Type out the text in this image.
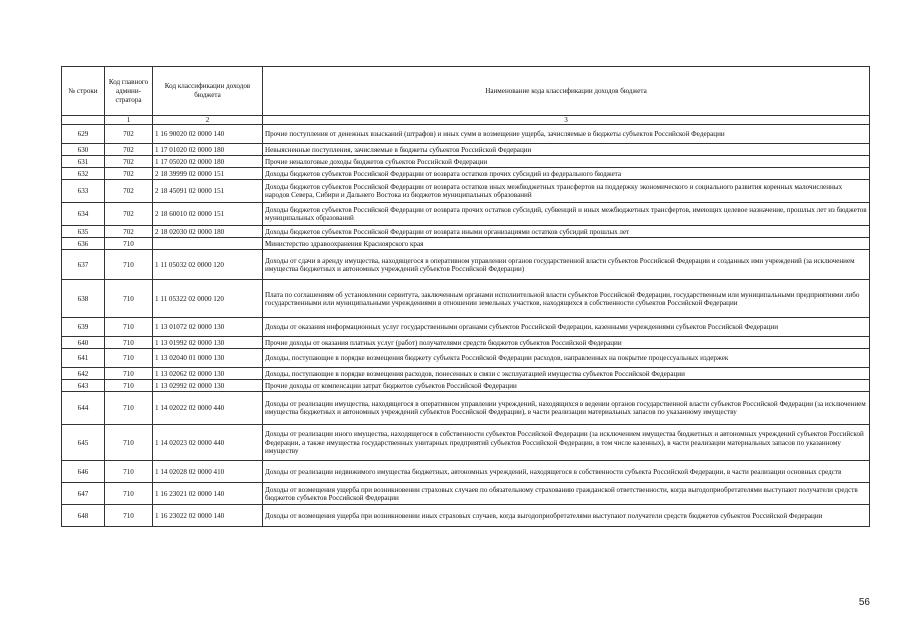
№ строки	Код главного админи-стратора	Код классификации доходов бюджета	Наименование кода классификации доходов бюджета
	1	2	3
629	702	1 16 90020 02 0000 140	Прочие поступления от денежных взысканий (штрафов) и иных сумм в возмещение ущерба, зачисляемые в бюджеты субъектов Российской Федерации
630	702	1 17 01020 02 0000 180	Невыясненные поступления, зачисляемые в бюджеты субъектов Российской Федерации
631	702	1 17 05020 02 0000 180	Прочие неналоговые доходы бюджетов субъектов Российской Федерации
632	702	2 18 39999 02 0000 151	Доходы бюджетов субъектов Российской Федерации от возврата остатков прочих субсидий из федерального бюджета
633	702	2 18 45091 02 0000 151	Доходы бюджетов субъектов Российской Федерации от возврата остатков иных межбюджетных трансфертов на поддержку экономического и социального развития коренных малочисленных народов Севера, Сибири и Дальнего Востока из бюджетов муниципальных образований
634	702	2 18 60010 02 0000 151	Доходы бюджетов субъектов Российской Федерации от возврата прочих остатков субсидий, субвенций и иных межбюджетных трансфертов, имеющих целевое назначение, прошлых лет из бюджетов муниципальных образований
635	702	2 18 02030 02 0000 180	Доходы бюджетов субъектов Российской Федерации от возврата иными организациями остатков субсидий прошлых лет
636	710		Министерство здравоохранения Красноярского края
637	710	1 11 05032 02 0000 120	Доходы от сдачи в аренду имущества, находящегося в оперативном управлении органов государственной власти субъектов Российской Федерации и созданных ими учреждений (за исключением имущества бюджетных и автономных учреждений субъектов Российской Федерации)
638	710	1 11 05322 02 0000 120	Плата по соглашениям об установлении сервитута, заключенным органами исполнительной власти субъектов Российской Федерации, государственным или муниципальными предприятиями либо государственными или муниципальными учреждениями в отношении земельных участков, находящихся в собственности субъектов Российской Федерации
639	710	1 13 01072 02 0000 130	Доходы от оказания информационных услуг государственными органами субъектов Российской Федерации, казенными учреждениями субъектов Российской Федерации
640	710	1 13 01992 02 0000 130	Прочие доходы от оказания платных услуг (работ) получателями средств бюджетов субъектов Российской Федерации
641	710	1 13 02040 01 0000 130	Доходы, поступающие в порядке возмещения бюджету субъекта Российской Федерации расходов, направленных на покрытие процессуальных издержек
642	710	1 13 02062 02 0000 130	Доходы, поступающие в порядке возмещения расходов, понесенных в связи с эксплуатацией имущества субъектов Российской Федерации
643	710	1 13 02992 02 0000 130	Прочие доходы от компенсации затрат бюджетов субъектов Российской Федерации
644	710	1 14 02022 02 0000 440	Доходы от реализации имущества, находящегося в оперативном управлении учреждений, находящихся в ведении органов государственной власти субъектов Российской Федерации (за исключением имущества бюджетных и автономных учреждений субъектов Российской Федерации), в части реализации материальных запасов по указанному имуществу
645	710	1 14 02023 02 0000 440	Доходы от реализации иного имущества, находящегося в собственности субъектов Российской Федерации (за исключением имущества бюджетных и автономных учреждений субъектов Российской Федерации, а также имущества государственных унитарных предприятий субъектов Российской Федерации, в том числе казенных), в части реализации материальных запасов по указанному имуществу
646	710	1 14 02028 02 0000 410	Доходы от реализации недвижимого имущества бюджетных, автономных учреждений, находящегося в собственности субъекта Российской Федерации, в части реализации основных средств
647	710	1 16 23021 02 0000 140	Доходы от возмещения ущерба при возникновении страховых случаев по обязательному страхованию гражданской ответственности, когда выгодоприобретателями выступают получатели средств бюджетов субъектов Российской Федерации
648	710	1 16 23022 02 0000 140	Доходы от возмещения ущерба при возникновении иных страховых случаев, когда выгодоприобретателями выступают получатели средств бюджетов субъектов Российской Федерации
56
